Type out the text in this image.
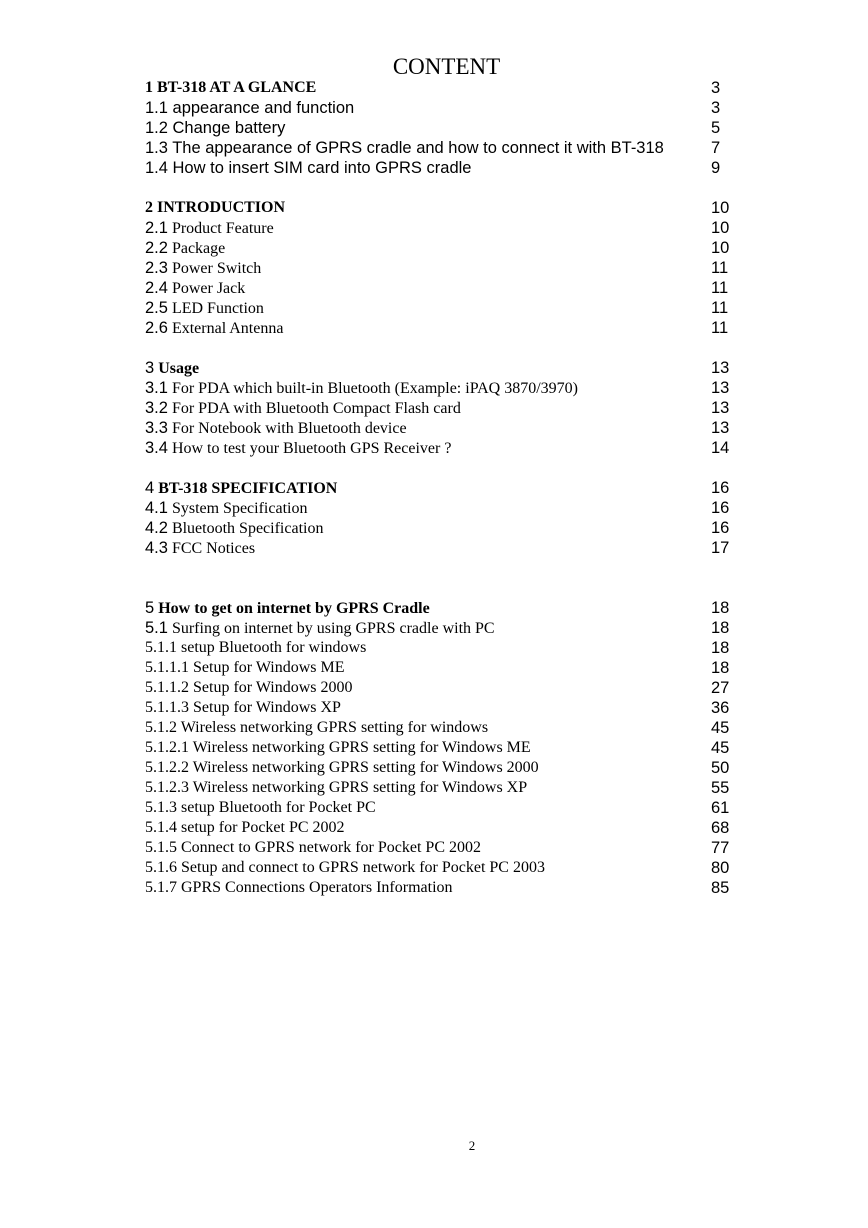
CONTENT
1 BT-318 AT A GLANCE	3
1.1 appearance and function	3
1.2 Change battery	5
1.3 The appearance of GPRS cradle and how to connect it with BT-318	7
1.4 How to insert SIM card into GPRS cradle	9
2 INTRODUCTION	10
2.1 Product Feature	10
2.2 Package	10
2.3 Power Switch	11
2.4 Power Jack	11
2.5 LED Function	11
2.6 External Antenna	11
3 Usage	13
3.1 For PDA which built-in Bluetooth (Example: iPAQ 3870/3970)	13
3.2 For PDA with Bluetooth Compact Flash card	13
3.3 For Notebook with Bluetooth device	13
3.4 How to test your Bluetooth GPS Receiver ?	14
4 BT-318 SPECIFICATION	16
4.1 System Specification	16
4.2 Bluetooth Specification	16
4.3 FCC Notices	17
5 How to get on internet by GPRS Cradle	18
5.1 Surfing on internet by using GPRS cradle with PC	18
5.1.1 setup Bluetooth for windows	18
5.1.1.1 Setup for Windows ME	18
5.1.1.2 Setup for Windows 2000	27
5.1.1.3 Setup for Windows XP	36
5.1.2 Wireless networking GPRS setting for windows	45
5.1.2.1 Wireless networking GPRS setting for Windows ME	45
5.1.2.2 Wireless networking GPRS setting for Windows 2000	50
5.1.2.3 Wireless networking GPRS setting for Windows XP	55
5.1.3 setup Bluetooth for Pocket PC	61
5.1.4 setup for Pocket PC 2002	68
5.1.5 Connect to GPRS network for Pocket PC 2002	77
5.1.6 Setup and connect to GPRS network for Pocket PC 2003	80
5.1.7 GPRS Connections Operators Information	85
2
